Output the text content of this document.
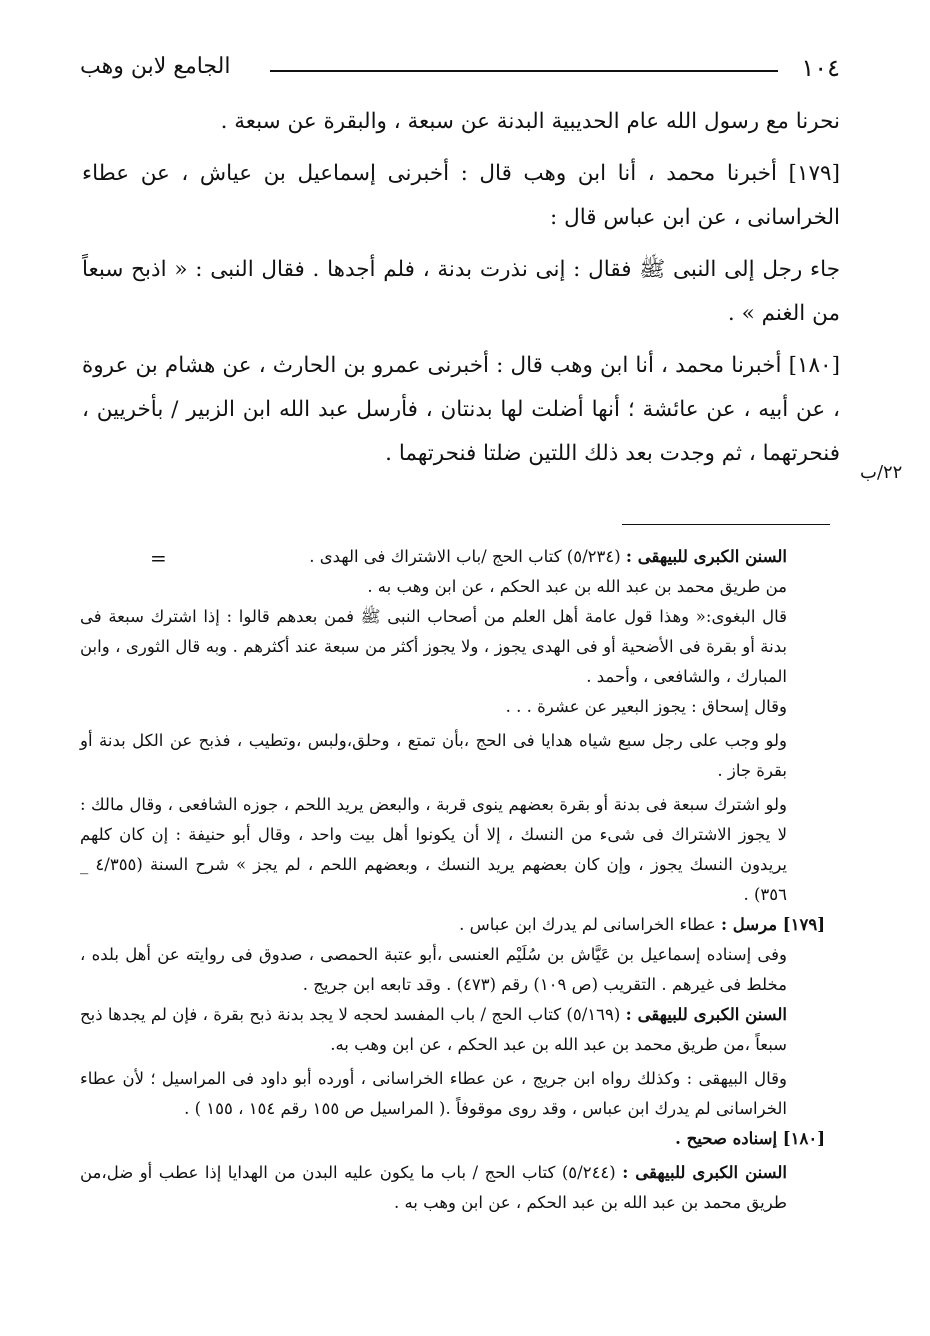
١٠٤
الجامع لابن وهب

نحرنا مع رسول الله عام الحديبية البدنة عن سبعة ، والبقرة عن سبعة .

[١٧٩] أخبرنا محمد ، أنا ابن وهب قال : أخبرنى إسماعيل بن عياش ، عن عطاء الخراسانى ، عن ابن عباس قال :

جاء رجل إلى النبى ﷺ فقال : إنى نذرت بدنة ، فلم أجدها . فقال النبى : « اذبح سبعاً من الغنم » .

[١٨٠] أخبرنا محمد ، أنا ابن وهب قال : أخبرنى عمرو بن الحارث ، عن هشام بن عروة ، عن أبيه ، عن عائشة ؛ أنها أضلت لها بدنتان ، فأرسل عبد الله ابن الزبير / بأخريين ، فنحرتهما ، ثم وجدت بعد ذلك اللتين ضلتا فنحرتهما .

٢٢/ب
=	السنن الكبرى للبيهقى : (٥/٢٣٤) كتاب الحج /باب الاشتراك فى الهدى .

من طريق محمد بن عبد الله بن عبد الحكم ، عن ابن وهب به .

قال البغوى:« وهذا قول عامة أهل العلم من أصحاب النبى ﷺ فمن بعدهم قالوا : إذا اشترك سبعة فى بدنة أو بقرة فى الأضحية أو فى الهدى يجوز ، ولا يجوز أكثر من سبعة عند أكثرهم . وبه قال الثورى ، وابن المبارك ، والشافعى ، وأحمد .

وقال إسحاق : يجوز البعير عن عشرة . . .

ولو وجب على رجل سبع شياه هدايا فى الحج ،بأن تمتع ، وحلق،ولبس ،وتطيب ، فذبح عن الكل بدنة أو بقرة جاز .

ولو اشترك سبعة فى بدنة أو بقرة بعضهم ينوى قربة ، والبعض يريد اللحم ، جوزه الشافعى ، وقال مالك : لا يجوز الاشتراك فى شىء من النسك ، إلا أن يكونوا أهل بيت واحد ، وقال أبو حنيفة : إن كان كلهم يريدون النسك يجوز ، وإن كان بعضهم يريد النسك ، وبعضهم اللحم ، لم يجز » شرح السنة (٤/٣٥٥ _ ٣٥٦) .

[١٧٩] مرسل : عطاء الخراسانى لم يدرك ابن عباس .

وفى إسناده إسماعيل بن عَيَّاش بن سُلَيْم العنسى ،أبو عتبة الحمصى ، صدوق فى روايته عن أهل بلده ، مخلط فى غيرهم . التقريب (ص ١٠٩) رقم (٤٧٣) . وقد تابعه ابن جريج .

السنن الكبرى للبيهقى : (٥/١٦٩) كتاب الحج / باب المفسد لحجه لا يجد بدنة ذبح بقرة ، فإن لم يجدها ذبح سبعاً ،من طريق محمد بن عبد الله بن عبد الحكم ، عن ابن وهب به.

وقال البيهقى : وكذلك رواه ابن جريج ، عن عطاء الخراسانى ، أورده أبو داود فى المراسيل ؛ لأن عطاء الخراسانى لم يدرك ابن عباس ، وقد روى موقوفاً .( المراسيل ص ١٥٥ رقم ١٥٤ ، ١٥٥ ) .

[١٨٠] إسناده صحيح .

السنن الكبرى للبيهقى : (٥/٢٤٤) كتاب الحج / باب ما يكون عليه البدن من الهدايا إذا عطب أو ضل،من طريق محمد بن عبد الله بن عبد الحكم ، عن ابن وهب به .
